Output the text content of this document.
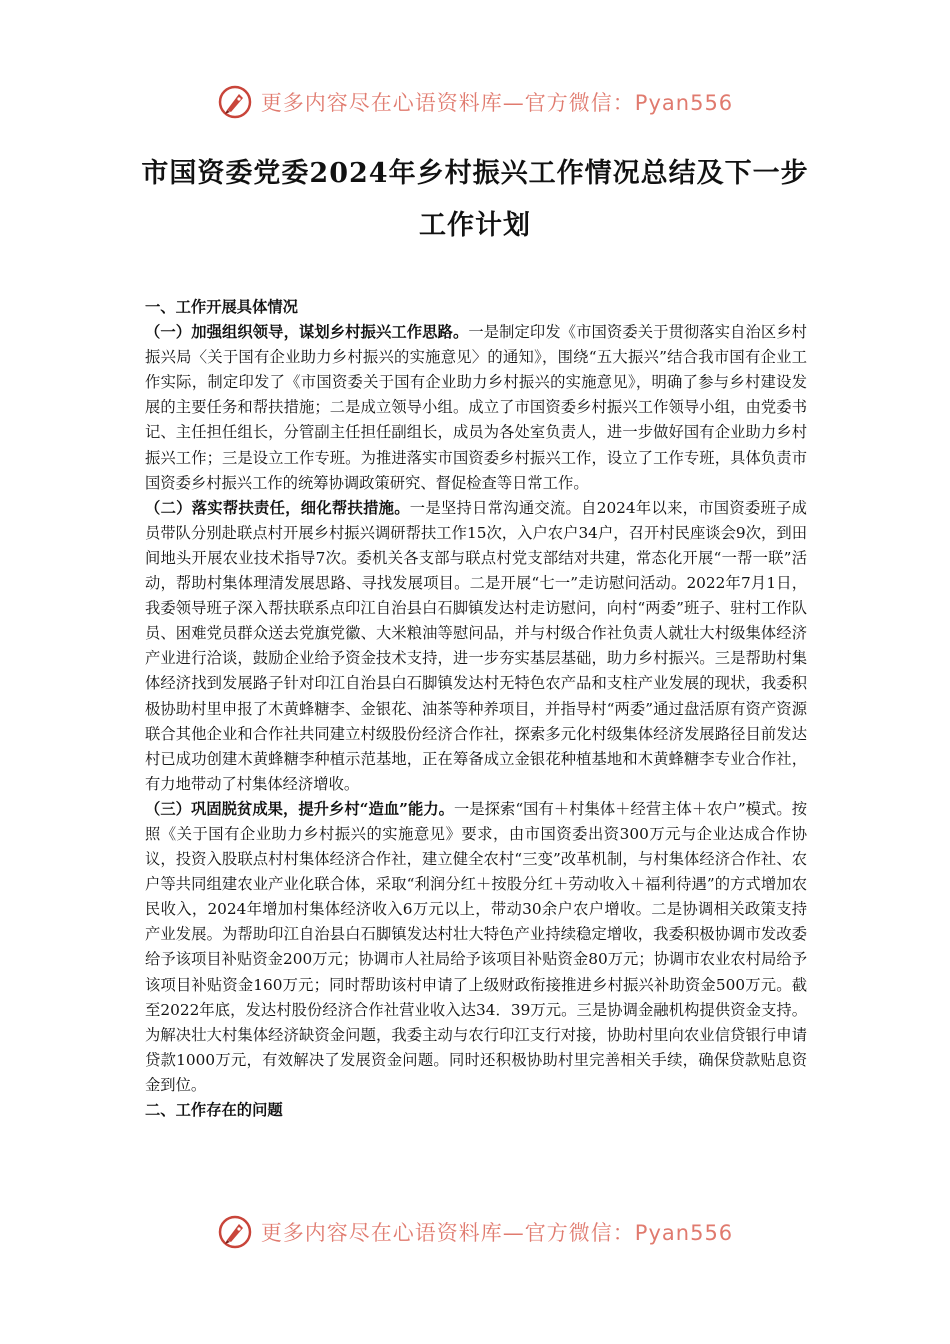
更多内容尽在心语资料库—官方微信：Pyan556
市国资委党委2024年乡村振兴工作情况总结及下一步工作计划

一、工作开展具体情况

（一）加强组织领导，谋划乡村振兴工作思路。一是制定印发《市国资委关于贯彻落实自治区乡村振兴局〈关于国有企业助力乡村振兴的实施意见〉的通知》，围绕“五大振兴”结合我市国有企业工作实际，制定印发了《市国资委关于国有企业助力乡村振兴的实施意见》，明确了参与乡村建设发展的主要任务和帮扶措施；二是成立领导小组。成立了市国资委乡村振兴工作领导小组，由党委书记、主任担任组长，分管副主任担任副组长，成员为各处室负责人，进一步做好国有企业助力乡村振兴工作；三是设立工作专班。为推进落实市国资委乡村振兴工作，设立了工作专班，具体负责市国资委乡村振兴工作的统筹协调政策研究、督促检查等日常工作。

（二）落实帮扶责任，细化帮扶措施。一是坚持日常沟通交流。自2024年以来，市国资委班子成员带队分别赴联点村开展乡村振兴调研帮扶工作15次，入户农户34户，召开村民座谈会9次，到田间地头开展农业技术指导7次。委机关各支部与联点村党支部结对共建，常态化开展“一帮一联”活动，帮助村集体理清发展思路、寻找发展项目。二是开展“七一”走访慰问活动。2022年7月1日，我委领导班子深入帮扶联系点印江自治县白石脚镇发达村走访慰问，向村“两委”班子、驻村工作队员、困难党员群众送去党旗党徽、大米粮油等慰问品，并与村级合作社负责人就壮大村级集体经济产业进行洽谈，鼓励企业给予资金技术支持，进一步夯实基层基础，助力乡村振兴。三是帮助村集体经济找到发展路子针对印江自治县白石脚镇发达村无特色农产品和支柱产业发展的现状，我委积极协助村里申报了木黄蜂糖李、金银花、油茶等种养项目，并指导村“两委”通过盘活原有资产资源联合其他企业和合作社共同建立村级股份经济合作社，探索多元化村级集体经济发展路径目前发达村已成功创建木黄蜂糖李种植示范基地，正在筹备成立金银花种植基地和木黄蜂糖李专业合作社，有力地带动了村集体经济增收。

（三）巩固脱贫成果，提升乡村“造血”能力。一是探索“国有＋村集体＋经营主体＋农户”模式。按照《关于国有企业助力乡村振兴的实施意见》要求，由市国资委出资300万元与企业达成合作协议，投资入股联点村村集体经济合作社，建立健全农村“三变”改革机制，与村集体经济合作社、农户等共同组建农业产业化联合体，采取“利润分红＋按股分红＋劳动收入＋福利待遇”的方式增加农民收入，2024年增加村集体经济收入6万元以上，带动30余户农户增收。二是协调相关政策支持产业发展。为帮助印江自治县白石脚镇发达村壮大特色产业持续稳定增收，我委积极协调市发改委给予该项目补贴资金200万元；协调市人社局给予该项目补贴资金80万元；协调市农业农村局给予该项目补贴资金160万元；同时帮助该村申请了上级财政衔接推进乡村振兴补助资金500万元。截至2022年底，发达村股份经济合作社营业收入达34．39万元。三是协调金融机构提供资金支持。为解决壮大村集体经济缺资金问题，我委主动与农行印江支行对接，协助村里向农业信贷银行申请贷款1000万元，有效解决了发展资金问题。同时还积极协助村里完善相关手续，确保贷款贴息资金到位。

二、工作存在的问题

更多内容尽在心语资料库—官方微信：Pyan556
